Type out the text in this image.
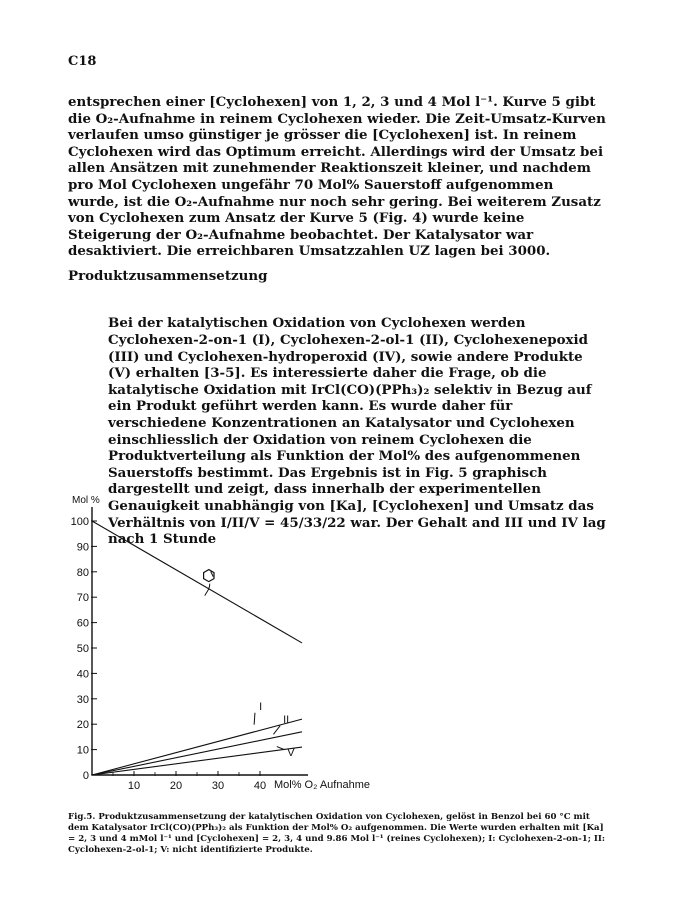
C18

entsprechen einer [Cyclohexen] von 1, 2, 3 und 4 Mol l⁻¹. Kurve 5 gibt die O₂-Aufnahme in reinem Cyclohexen wieder. Die Zeit-Umsatz-Kurven verlaufen umso günstiger je grösser die [Cyclohexen] ist. In reinem Cyclohexen wird das Optimum erreicht. Allerdings wird der Umsatz bei allen Ansätzen mit zunehmender Reaktionszeit kleiner, und nachdem pro Mol Cyclohexen ungefähr 70 Mol% Sauerstoff aufgenommen wurde, ist die O₂-Aufnahme nur noch sehr gering. Bei weiterem Zusatz von Cyclohexen zum Ansatz der Kurve 5 (Fig. 4) wurde keine Steigerung der O₂-Aufnahme beobachtet. Der Katalysator war desaktiviert. Die erreichbaren Umsatzzahlen UZ lagen bei 3000.

Produktzusammensetzung

Bei der katalytischen Oxidation von Cyclohexen werden Cyclohexen-2-on-1 (I), Cyclohexen-2-ol-1 (II), Cyclohexenepoxid (III) und Cyclohexen-hydroperoxid (IV), sowie andere Produkte (V) erhalten [3-5]. Es interessierte daher die Frage, ob die katalytische Oxidation mit IrCl(CO)(PPh₃)₂ selektiv in Bezug auf ein Produkt geführt werden kann. Es wurde daher für verschiedene Konzentrationen an Katalysator und Cyclohexen einschliesslich der Oxidation von reinem Cyclohexen die Produktverteilung als Funktion der Mol% des aufgenommenen Sauerstoffs bestimmt. Das Ergebnis ist in Fig. 5 graphisch dargestellt und zeigt, dass innerhalb der experimentellen Genauigkeit unabhängig von [Ka], [Cyclohexen] und Umsatz das Verhältnis von I/II/V = 45/33/22 war. Der Gehalt and III und IV lag nach 1 Stunde

Mol %
0
10
20
30
40
50
60
70
80
90
100
10	20	30	40 Mol% O₂ Aufnahme
I
II
V
Fig.5. Produktzusammensetzung der katalytischen Oxidation von Cyclohexen, gelöst in Benzol bei 60 °C mit dem Katalysator IrCl(CO)(PPh₃)₂ als Funktion der Mol% O₂ aufgenommen. Die Werte wurden erhalten mit [Ka] = 2, 3 und 4 mMol l⁻¹ und [Cyclohexen] = 2, 3, 4 und 9.86 Mol l⁻¹ (reines Cyclohexen); I: Cyclohexen-2-on-1; II: Cyclohexen-2-ol-1; V: nicht identifizierte Produkte.
